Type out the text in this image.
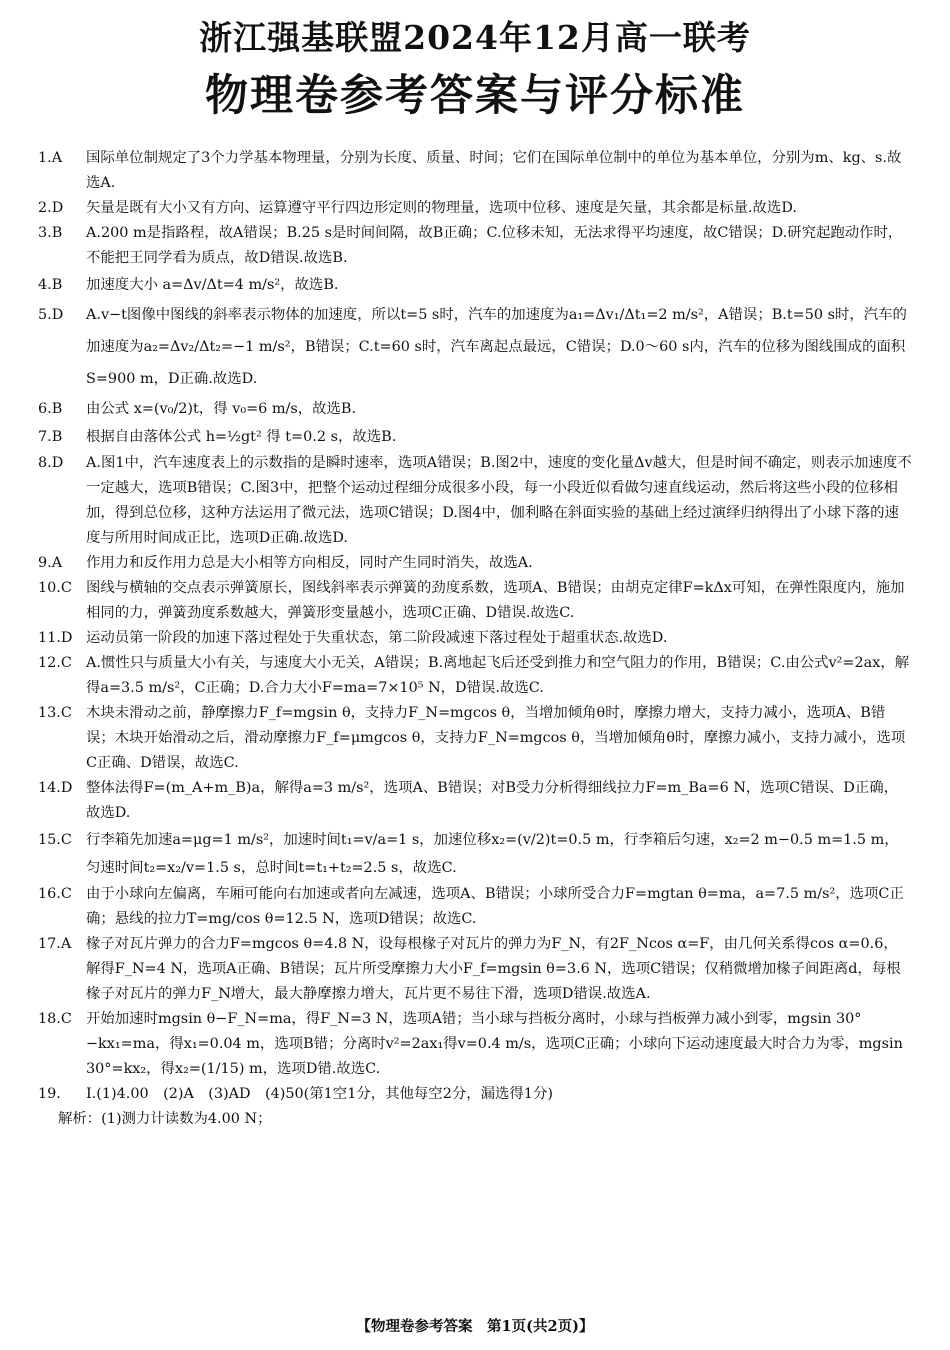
浙江强基联盟2024年12月高一联考
物理卷参考答案与评分标准
1.A	国际单位制规定了3个力学基本物理量，分别为长度、质量、时间；它们在国际单位制中的单位为基本单位，分别为m、kg、s.故选A.
2.D	矢量是既有大小又有方向、运算遵守平行四边形定则的物理量，选项中位移、速度是矢量，其余都是标量.故选D.
3.B	A.200 m是指路程，故A错误；B.25 s是时间间隔，故B正确；C.位移未知，无法求得平均速度，故C错误；D.研究起跑动作时，不能把王同学看为质点，故D错误.故选B.
4.B	加速度大小 a=Δv/Δt=4 m/s²，故选B.
5.D	A.v−t图像中图线的斜率表示物体的加速度，所以t=5 s时，汽车的加速度为a₁=Δv₁/Δt₁=2 m/s²，A错误；B.t=50 s时，汽车的加速度为a₂=Δv₂/Δt₂=−1 m/s²，B错误；C.t=60 s时，汽车离起点最远，C错误；D.0～60 s内，汽车的位移为图线围成的面积S=900 m，D正确.故选D.
6.B	由公式 x=(v₀/2)t，得 v₀=6 m/s，故选B.
7.B	根据自由落体公式 h=½gt² 得 t=0.2 s，故选B.
8.D	A.图1中，汽车速度表上的示数指的是瞬时速率，选项A错误；B.图2中，速度的变化量Δv越大，但是时间不确定，则表示加速度不一定越大，选项B错误；C.图3中，把整个运动过程细分成很多小段，每一小段近似看做匀速直线运动，然后将这些小段的位移相加，得到总位移，这种方法运用了微元法，选项C错误；D.图4中，伽利略在斜面实验的基础上经过演绎归纳得出了小球下落的速度与所用时间成正比，选项D正确.故选D.
9.A	作用力和反作用力总是大小相等方向相反，同时产生同时消失，故选A.
10.C 图线与横轴的交点表示弹簧原长，图线斜率表示弹簧的劲度系数，选项A、B错误；由胡克定律F=kΔx可知，在弹性限度内，施加相同的力，弹簧劲度系数越大，弹簧形变量越小，选项C正确、D错误.故选C.
11.D 运动员第一阶段的加速下落过程处于失重状态，第二阶段减速下落过程处于超重状态.故选D.
12.C A.惯性只与质量大小有关，与速度大小无关，A错误；B.离地起飞后还受到推力和空气阻力的作用，B错误；C.由公式v²=2ax，解得a=3.5 m/s²，C正确；D.合力大小F=ma=7×10⁵ N，D错误.故选C.
13.C 木块未滑动之前，静摩擦力F_f=mgsin θ，支持力F_N=mgcos θ，当增加倾角θ时，摩擦力增大，支持力减小，选项A、B错误；木块开始滑动之后，滑动摩擦力F_f=μmgcos θ，支持力F_N=mgcos θ，当增加倾角θ时，摩擦力减小，支持力减小，选项C正确、D错误，故选C.
14.D 整体法得F=(m_A+m_B)a，解得a=3 m/s²，选项A、B错误；对B受力分析得细线拉力F=m_Ba=6 N，选项C错误、D正确，故选D.
15.C 行李箱先加速a=μg=1 m/s²，加速时间t₁=v/a=1 s，加速位移x₂=(v/2)t=0.5 m，行李箱后匀速，x₂=2 m−0.5 m=1.5 m，匀速时间t₂=x₂/v=1.5 s，总时间t=t₁+t₂=2.5 s，故选C.
16.C 由于小球向左偏离，车厢可能向右加速或者向左减速，选项A、B错误；小球所受合力F=mgtan θ=ma，a=7.5 m/s²，选项C正确；悬线的拉力T=mg/cos θ=12.5 N，选项D错误；故选C.
17.A	椽子对瓦片弹力的合力F=mgcos θ=4.8 N，设每根椽子对瓦片的弹力为F_N，有2F_Ncos α=F，由几何关系得cos α=0.6，解得F_N=4 N，选项A正确、B错误；瓦片所受摩擦力大小F_f=mgsin θ=3.6 N，选项C错误；仅稍微增加椽子间距离d，每根椽子对瓦片的弹力F_N增大，最大静摩擦力增大，瓦片更不易往下滑，选项D错误.故选A.
18.C 开始加速时mgsin θ−F_N=ma，得F_N=3 N，选项A错；当小球与挡板分离时，小球与挡板弹力减小到零，mgsin 30°−kx₁=ma，得x₁=0.04 m，选项B错；分离时v²=2ax₁得v=0.4 m/s，选项C正确；小球向下运动速度最大时合力为零，mgsin 30°=kx₂，得x₂=(1/15) m，选项D错.故选C.
19.	Ⅰ.(1)4.00　(2)A　(3)AD　(4)50(第1空1分，其他每空2分，漏选得1分)
解析：(1)测力计读数为4.00 N；
【物理卷参考答案　第1页(共2页)】
